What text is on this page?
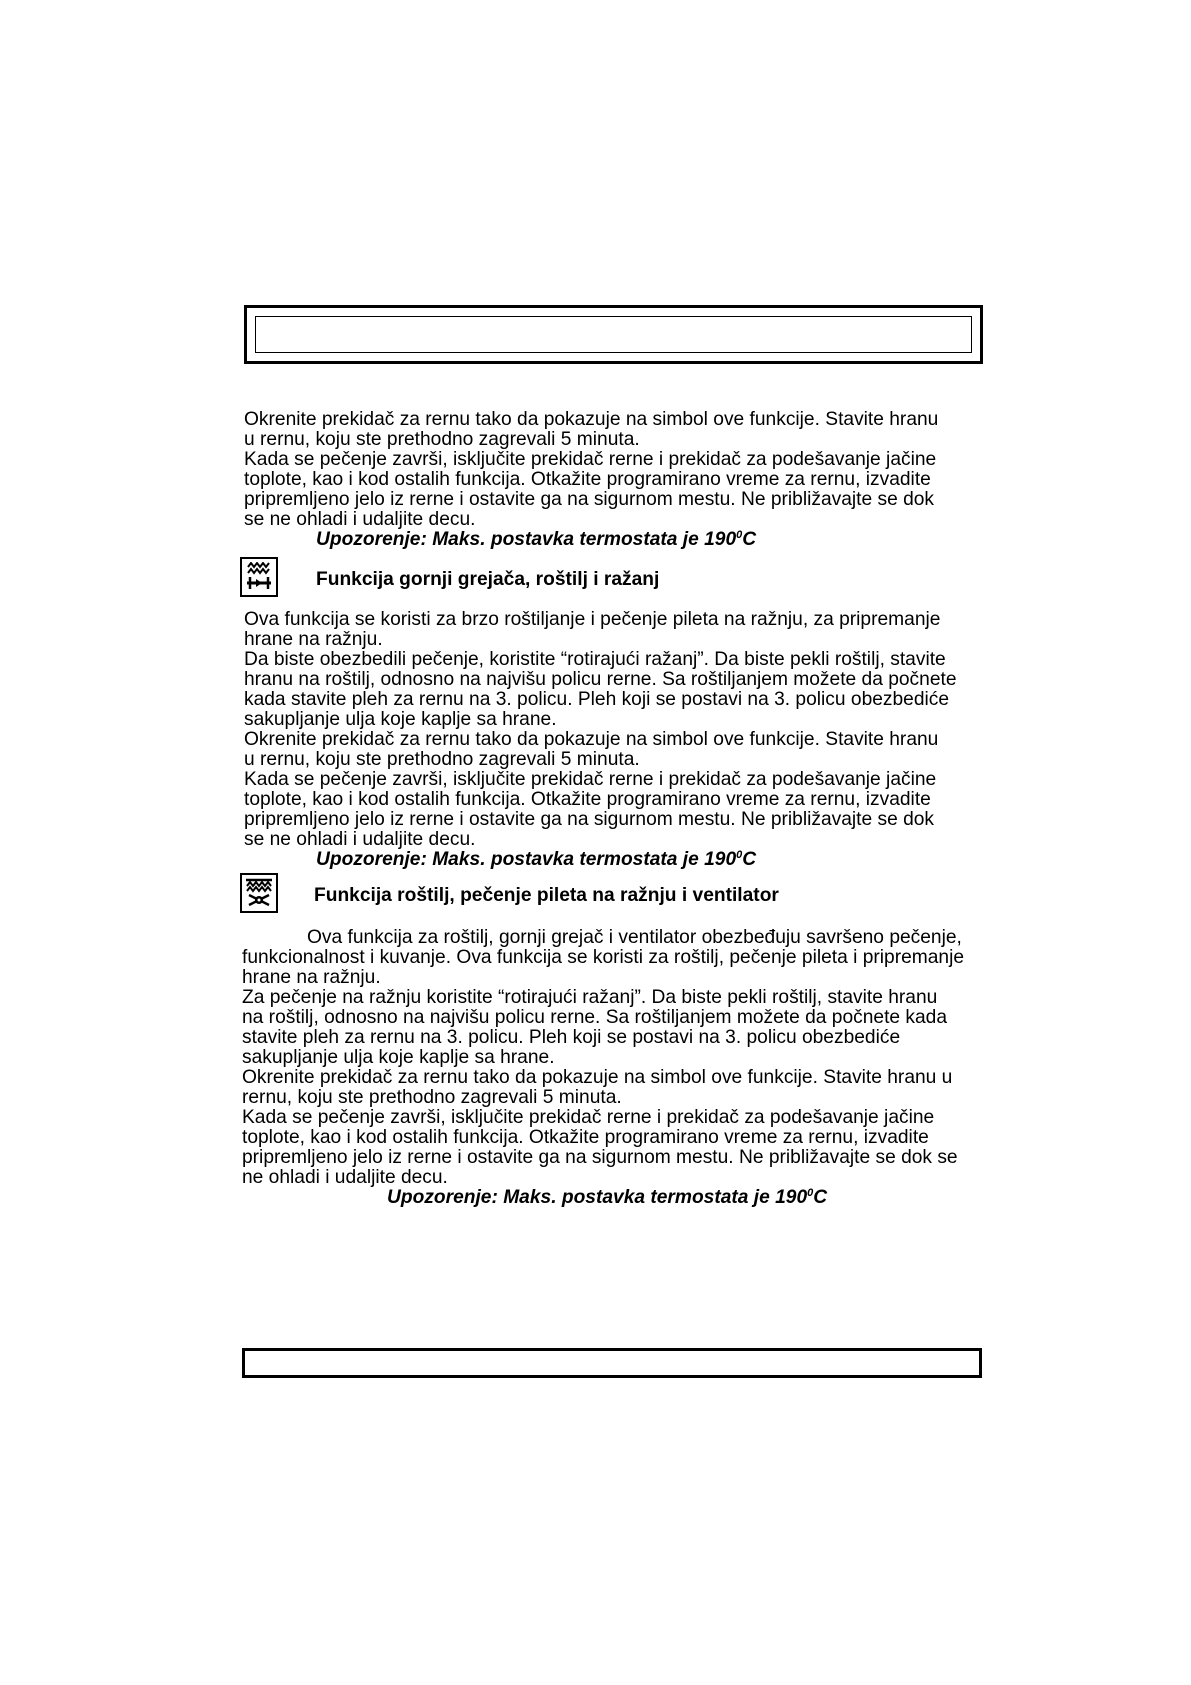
Okrenite prekidač za rernu tako da pokazuje na simbol ove funkcije. Stavite hranu

u rernu, koju ste prethodno zagrevali 5 minuta.

Kada se pečenje završi, isključite prekidač rerne i prekidač za podešavanje jačine

toplote, kao i kod ostalih funkcija. Otkažite programirano vreme za rernu, izvadite

pripremljeno jelo iz rerne i ostavite ga na sigurnom mestu. Ne približavajte se dok

se ne ohladi i udaljite decu.

Upozorenje: Maks. postavka termostata je $190^0C$
Funkcija gornji grejača, roštilj i ražanj

Ova funkcija se koristi za brzo roštiljanje i pečenje pileta na ražnju, za pripremanje

hrane na ražnju.

Da biste obezbedili pečenje, koristite “rotirajući ražanj”. Da biste pekli roštilj, stavite

hranu na roštilj, odnosno na najvišu policu rerne. Sa roštiljanjem možete da počnete

kada stavite pleh za rernu na 3. policu. Pleh koji se postavi na 3. policu obezbediće

sakupljanje ulja koje kaplje sa hrane.

Okrenite prekidač za rernu tako da pokazuje na simbol ove funkcije. Stavite hranu

u rernu, koju ste prethodno zagrevali 5 minuta.

Kada se pečenje završi, isključite prekidač rerne i prekidač za podešavanje jačine

toplote, kao i kod ostalih funkcija. Otkažite programirano vreme za rernu, izvadite

pripremljeno jelo iz rerne i ostavite ga na sigurnom mestu. Ne približavajte se dok

se ne ohladi i udaljite decu.

Upozorenje: Maks. postavka termostata je $190^0C$
Funkcija roštilj, pečenje pileta na ražnju i ventilator

Ova funkcija za roštilj, gornji grejač i ventilator obezbeđuju savršeno pečenje,

funkcionalnost i kuvanje. Ova funkcija se koristi za roštilj, pečenje pileta i pripremanje

hrane na ražnju.

Za pečenje na ražnju koristite “rotirajući ražanj”. Da biste pekli roštilj, stavite hranu

na roštilj, odnosno na najvišu policu rerne. Sa roštiljanjem možete da počnete kada

stavite pleh za rernu na 3. policu. Pleh koji se postavi na 3. policu obezbediće

sakupljanje ulja koje kaplje sa hrane.

Okrenite prekidač za rernu tako da pokazuje na simbol ove funkcije. Stavite hranu u

rernu, koju ste prethodno zagrevali 5 minuta.

Kada se pečenje završi, isključite prekidač rerne i prekidač za podešavanje jačine

toplote, kao i kod ostalih funkcija. Otkažite programirano vreme za rernu, izvadite

pripremljeno jelo iz rerne i ostavite ga na sigurnom mestu. Ne približavajte se dok se

ne ohladi i udaljite decu.

Upozorenje: Maks. postavka termostata je $190^0C$
